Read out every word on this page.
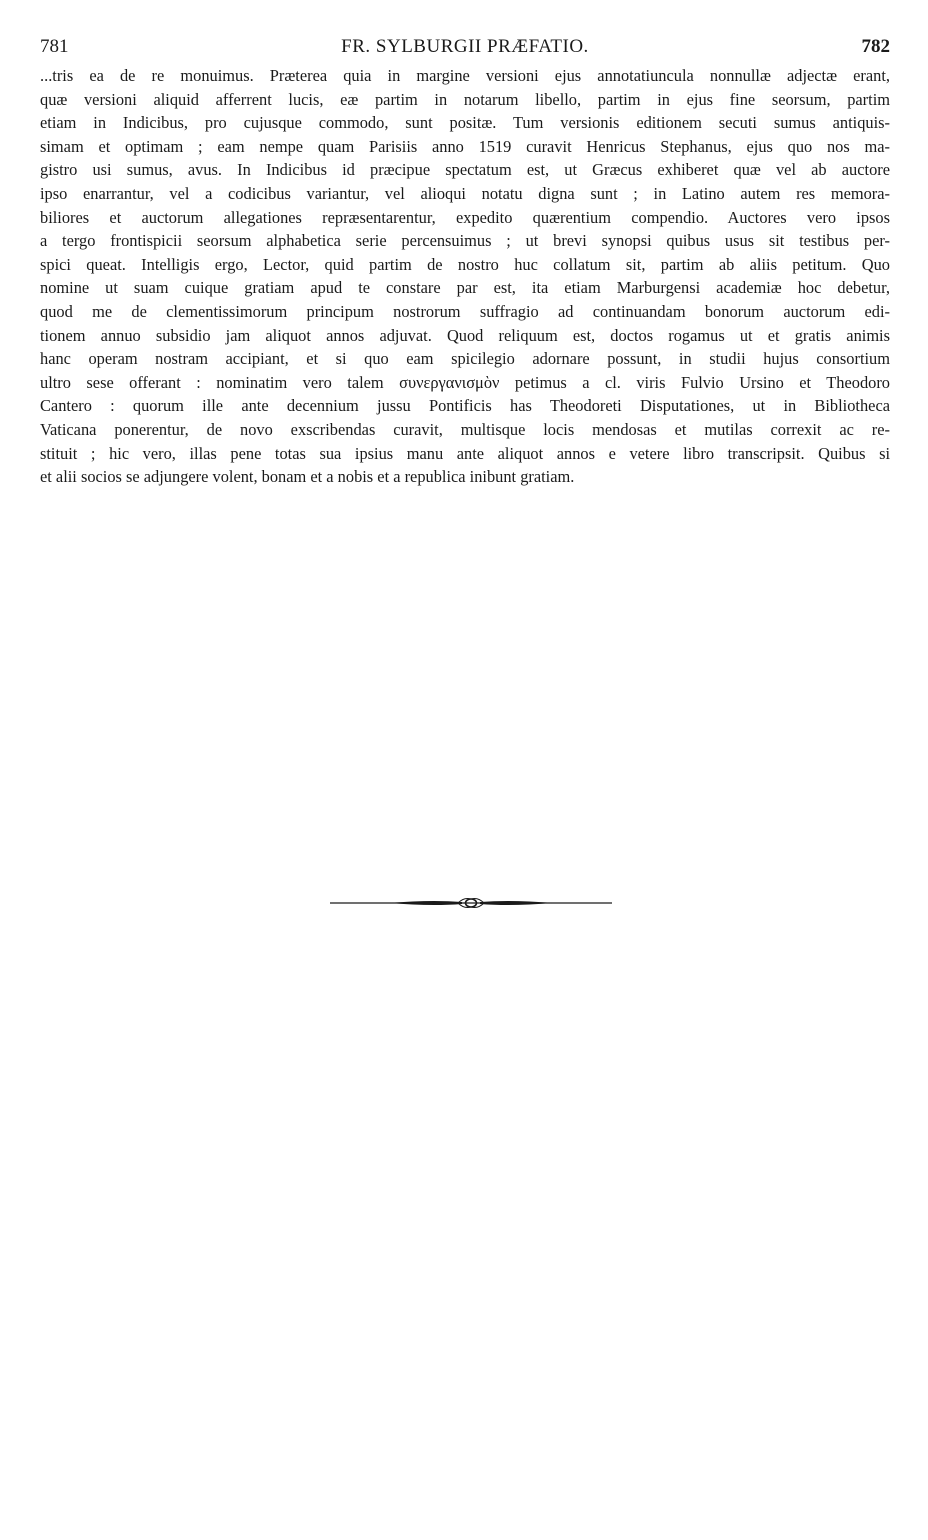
781	FR. SYLBURGII PRÆFATIO.	782
...tris ea de re monuimus. Præterea quia in margine versioni ejus annotatiuncula nonnullæ adjectæ erant,
quæ versioni aliquid afferrent lucis, eæ partim in notarum libello, partim in ejus fine seorsum, partim
etiam in Indicibus, pro cujusque commodo, sunt positæ. Tum versionis editionem secuti sumus antiquis-
simam et optimam ; eam nempe quam Parisiis anno 1519 curavit Henricus Stephanus, ejus quo nos ma-
gistro usi sumus, avus. In Indicibus id præcipue spectatum est, ut Græcus exhiberet quæ vel ab auctore
ipso enarrantur, vel a codicibus variantur, vel alioqui notatu digna sunt ; in Latino autem res memora-
biliores et auctorum allegationes repræsentarentur, expedito quærentium compendio. Auctores vero ipsos
a tergo frontispicii seorsum alphabetica serie percensuimus ; ut brevi synopsi quibus usus sit testibus per-
spici queat. Intelligis ergo, Lector, quid partim de nostro huc collatum sit, partim ab aliis petitum. Quo
nomine ut suam cuique gratiam apud te constare par est, ita etiam Marburgensi academiæ hoc debetur,
quod me de clementissimorum principum nostrorum suffragio ad continuandam bonorum auctorum edi-
tionem annuo subsidio jam aliquot annos adjuvat. Quod reliquum est, doctos rogamus ut et gratis animis
hanc operam nostram accipiant, et si quo eam spicilegio adornare possunt, in studii hujus consortium
ultro sese offerant : nominatim vero talem συνεργανισμὸν petimus a cl. viris Fulvio Ursino et Theodoro
Cantero : quorum ille ante decennium jussu Pontificis has Theodoreti Disputationes, ut in Bibliotheca
Vaticana ponerentur, de novo exscribendas curavit, multisque locis mendosas et mutilas correxit ac re-
stituit ; hic vero, illas pene totas sua ipsius manu ante aliquot annos e vetere libro transcripsit. Quibus si
et alii socios se adjungere volent, bonam et a nobis et a republica inibunt gratiam.
